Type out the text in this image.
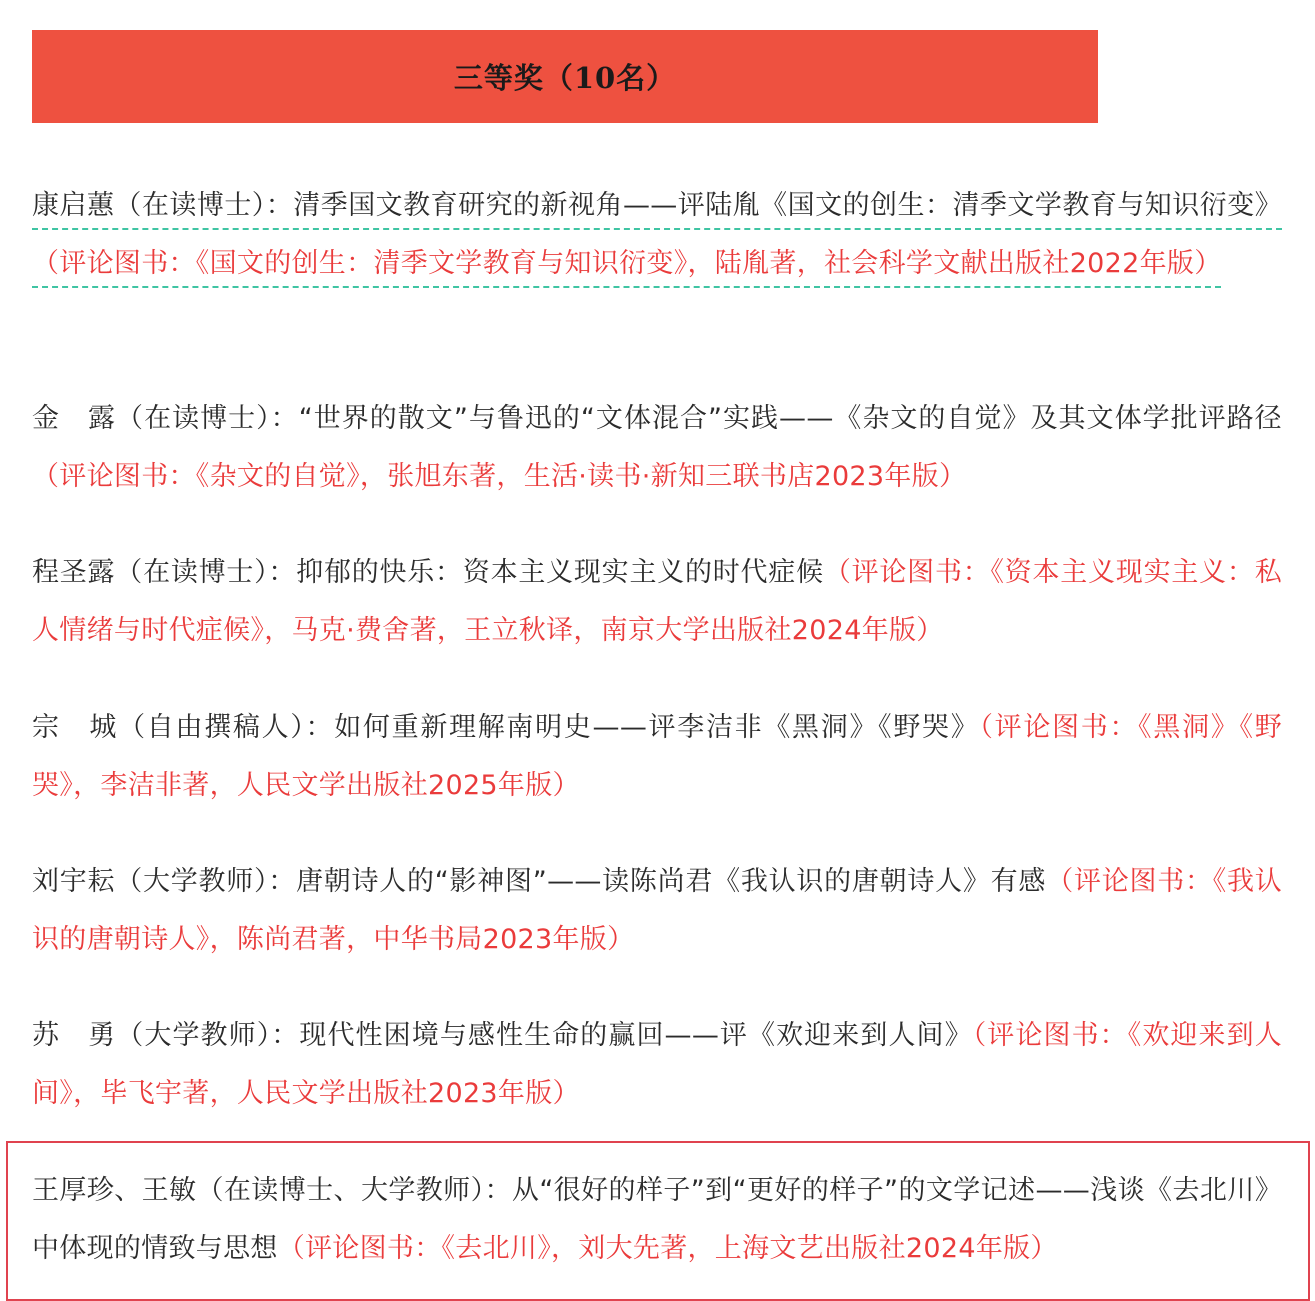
三等奖（10名）
康启蕙（在读博士）：清季国文教育研究的新视角——评陆胤《国文的创生：清季文学教育与知识衍变》（评论图书：《国文的创生：清季文学教育与知识衍变》，陆胤著，社会科学文献出版社2022年版）
金　露（在读博士）：“世界的散文”与鲁迅的“文体混合”实践——《杂文的自觉》及其文体学批评路径（评论图书：《杂文的自觉》，张旭东著，生活·读书·新知三联书店2023年版）
程圣露（在读博士）：抑郁的快乐：资本主义现实主义的时代症候（评论图书：《资本主义现实主义：私人情绪与时代症候》，马克·费舍著，王立秋译，南京大学出版社2024年版）
宗　城（自由撰稿人）：如何重新理解南明史——评李洁非《黑洞》《野哭》（评论图书：《黑洞》《野哭》，李洁非著，人民文学出版社2025年版）
刘宇耘（大学教师）：唐朝诗人的“影神图”——读陈尚君《我认识的唐朝诗人》有感（评论图书：《我认识的唐朝诗人》，陈尚君著，中华书局2023年版）
苏　勇（大学教师）：现代性困境与感性生命的赢回——评《欢迎来到人间》（评论图书：《欢迎来到人间》，毕飞宇著，人民文学出版社2023年版）
王厚珍、王敏（在读博士、大学教师）：从“很好的样子”到“更好的样子”的文学记述——浅谈《去北川》中体现的情致与思想（评论图书：《去北川》，刘大先著，上海文艺出版社2024年版）
